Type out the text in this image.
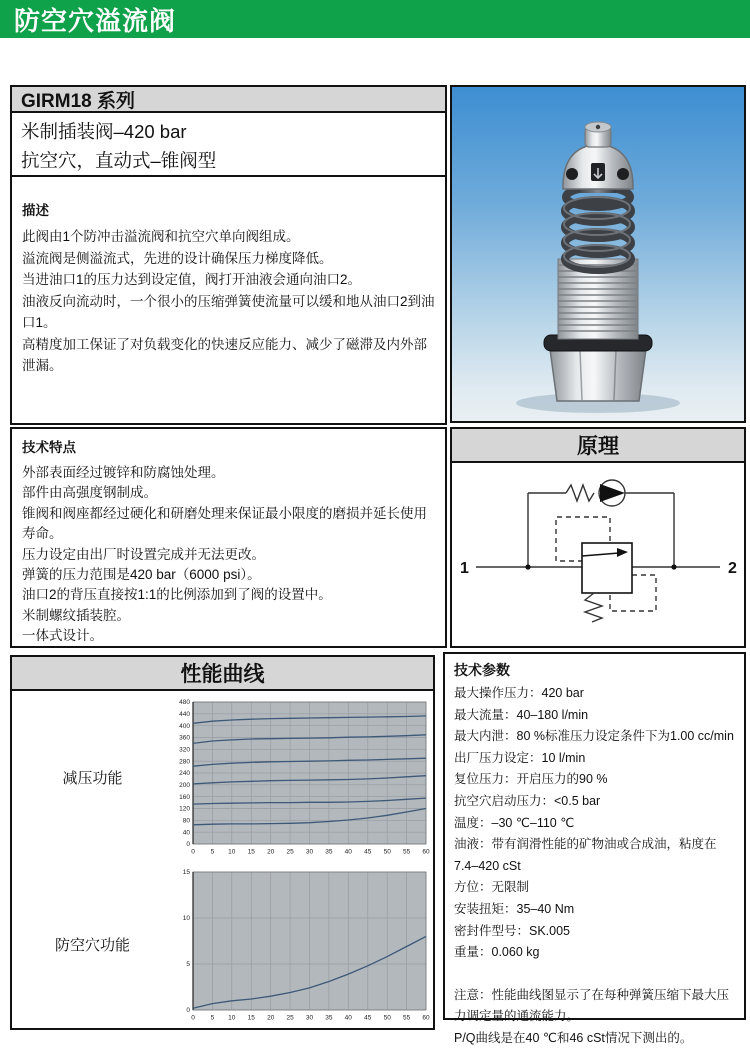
防空穴溢流阀
GIRM18 系列
米制插装阀–420 bar
抗空穴，直动式–锥阀型
描述
此阀由1个防冲击溢流阀和抗空穴单向阀组成。
溢流阀是侧溢流式，先进的设计确保压力梯度降低。
当进油口1的压力达到设定值，阀打开油液会通向油口2。
油液反向流动时，一个很小的压缩弹簧使流量可以缓和地从油口2到油口1。
高精度加工保证了对负载变化的快速反应能力、减少了磁滞及内外部泄漏。
技术特点
外部表面经过镀锌和防腐蚀处理。
部件由高强度钢制成。
锥阀和阀座都经过硬化和研磨处理来保证最小限度的磨损并延长使用寿命。
压力设定由出厂时设置完成并无法更改。
弹簧的压力范围是420 bar（6000 psi）。
油口2的背压直接按1:1的比例添加到了阀的设置中。
米制螺纹插装腔。
一体式设计。
原理
1	2
性能曲线
减压功能
0 5 10 15 20 25 30 35 40 45 50 55 60
0
40
80
120
160
200
240
280
320
360
400
440
480
防空穴功能
0 5 10 15 20 25 30 35 40 45 50 55 60
0
5
10
15
技术参数
最大操作压力：420 bar
最大流量：40–180 l/min
最大内泄：80 %标准压力设定条件下为1.00 cc/min
出厂压力设定：10 l/min
复位压力：开启压力的90 %
抗空穴启动压力：<0.5 bar
温度：–30 ℃–110 ℃
油液：带有润滑性能的矿物油或合成油，粘度在7.4–420 cSt
方位：无限制
安装扭矩：35–40 Nm
密封件型号：SK.005
重量：0.060 kg
注意：性能曲线图显示了在每种弹簧压缩下最大压力调定量的通流能力。
P/Q曲线是在40 ℃和46 cSt情况下测出的。
